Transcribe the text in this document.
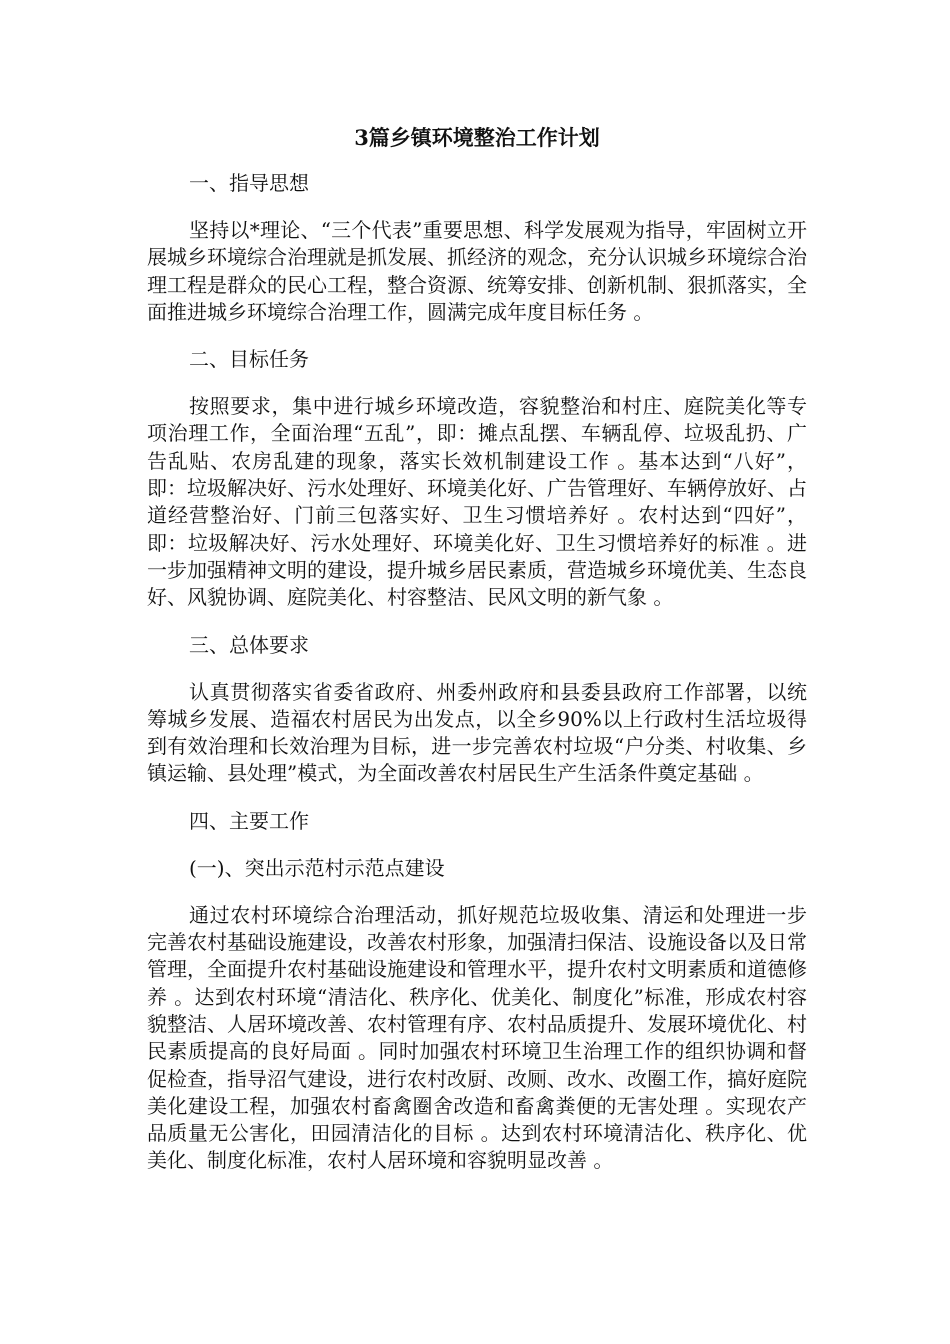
3篇乡镇环境整治工作计划
一、指导思想
坚持以*理论、“三个代表”重要思想、科学发展观为指导，牢固树立开展城乡环境综合治理就是抓发展、抓经济的观念，充分认识城乡环境综合治理工程是群众的民心工程，整合资源、统筹安排、创新机制、狠抓落实，全面推进城乡环境综合治理工作，圆满完成年度目标任务 。
二、目标任务
按照要求，集中进行城乡环境改造，容貌整治和村庄、庭院美化等专项治理工作，全面治理“五乱”，即：摊点乱摆、车辆乱停、垃圾乱扔、广告乱贴、农房乱建的现象，落实长效机制建设工作 。基本达到“八好”，即：垃圾解决好、污水处理好、环境美化好、广告管理好、车辆停放好、占道经营整治好、门前三包落实好、卫生习惯培养好 。农村达到“四好”，即：垃圾解决好、污水处理好、环境美化好、卫生习惯培养好的标准 。进一步加强精神文明的建设，提升城乡居民素质，营造城乡环境优美、生态良好、风貌协调、庭院美化、村容整洁、民风文明的新气象 。
三、总体要求
认真贯彻落实省委省政府、州委州政府和县委县政府工作部署，以统筹城乡发展、造福农村居民为出发点，以全乡90%以上行政村生活垃圾得到有效治理和长效治理为目标，进一步完善农村垃圾“户分类、村收集、乡镇运输、县处理”模式，为全面改善农村居民生产生活条件奠定基础 。
四、主要工作
(一)、突出示范村示范点建设
通过农村环境综合治理活动，抓好规范垃圾收集、清运和处理进一步完善农村基础设施建设，改善农村形象，加强清扫保洁、设施设备以及日常管理，全面提升农村基础设施建设和管理水平，提升农村文明素质和道德修养 。达到农村环境“清洁化、秩序化、优美化、制度化”标准，形成农村容貌整洁、人居环境改善、农村管理有序、农村品质提升、发展环境优化、村民素质提高的良好局面 。同时加强农村环境卫生治理工作的组织协调和督促检查，指导沼气建设，进行农村改厨、改厕、改水、改圈工作，搞好庭院美化建设工程，加强农村畜禽圈舍改造和畜禽粪便的无害处理 。实现农产品质量无公害化，田园清洁化的目标 。达到农村环境清洁化、秩序化、优美化、制度化标准，农村人居环境和容貌明显改善 。
